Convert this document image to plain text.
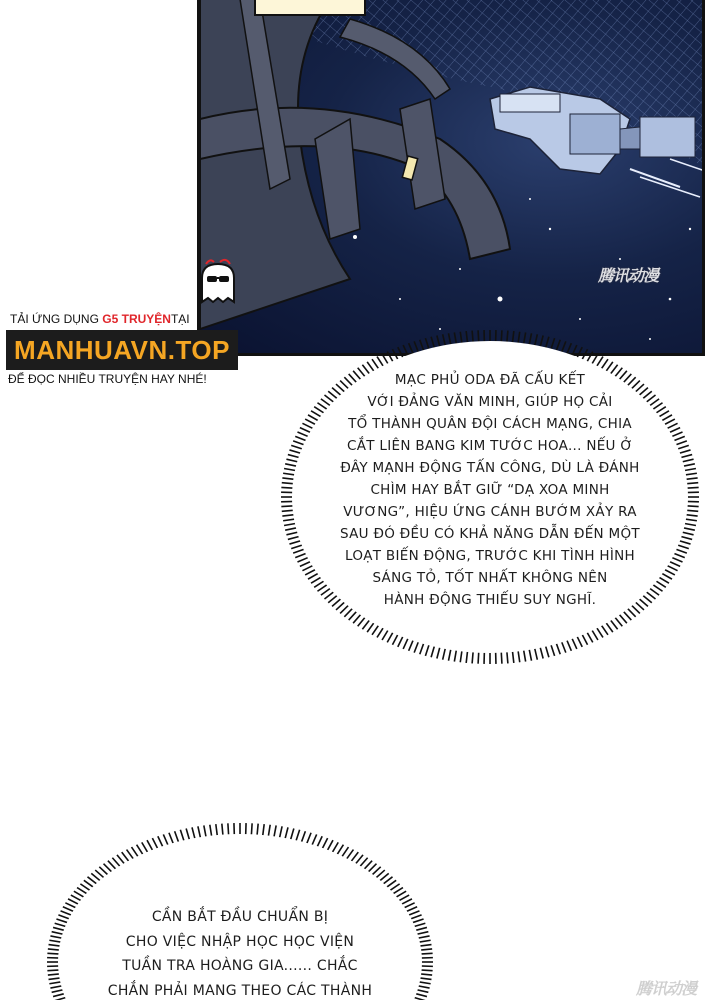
腾讯动漫
TẢI ỨNG DỤNG G5 TRUYỆNTẠI
MANHUAVN.TOP
ĐỂ ĐỌC NHIỀU TRUYỆN HAY NHÉ!	MẠC PHỦ ODA ĐÃ CẤU KẾT
VỚI ĐẢNG VĂN MINH, GIÚP HỌ CẢI
TỔ THÀNH QUÂN ĐỘI CÁCH MẠNG, CHIA
CẮT LIÊN BANG KIM TƯỚC HOA... NẾU Ở
ĐÂY MẠNH ĐỘNG TẤN CÔNG, DÙ LÀ ĐÁNH
CHÌM HAY BẮT GIỮ “DẠ XOA MINH
VƯƠNG”, HIỆU ỨNG CÁNH BƯỚM XẢY RA
SAU ĐÓ ĐỀU CÓ KHẢ NĂNG DẪN ĐẾN MỘT
LOẠT BIẾN ĐỘNG, TRƯỚC KHI TÌNH HÌNH
SÁNG TỎ, TỐT NHẤT KHÔNG NÊN
HÀNH ĐỘNG THIẾU SUY NGHĨ.
CẦN BẮT ĐẦU CHUẨN BỊ
CHO VIỆC NHẬP HỌC HỌC VIỆN
TUẦN TRA HOÀNG GIA...... CHẮC
CHẮN PHẢI MANG THEO CÁC THÀNH	腾讯动漫
